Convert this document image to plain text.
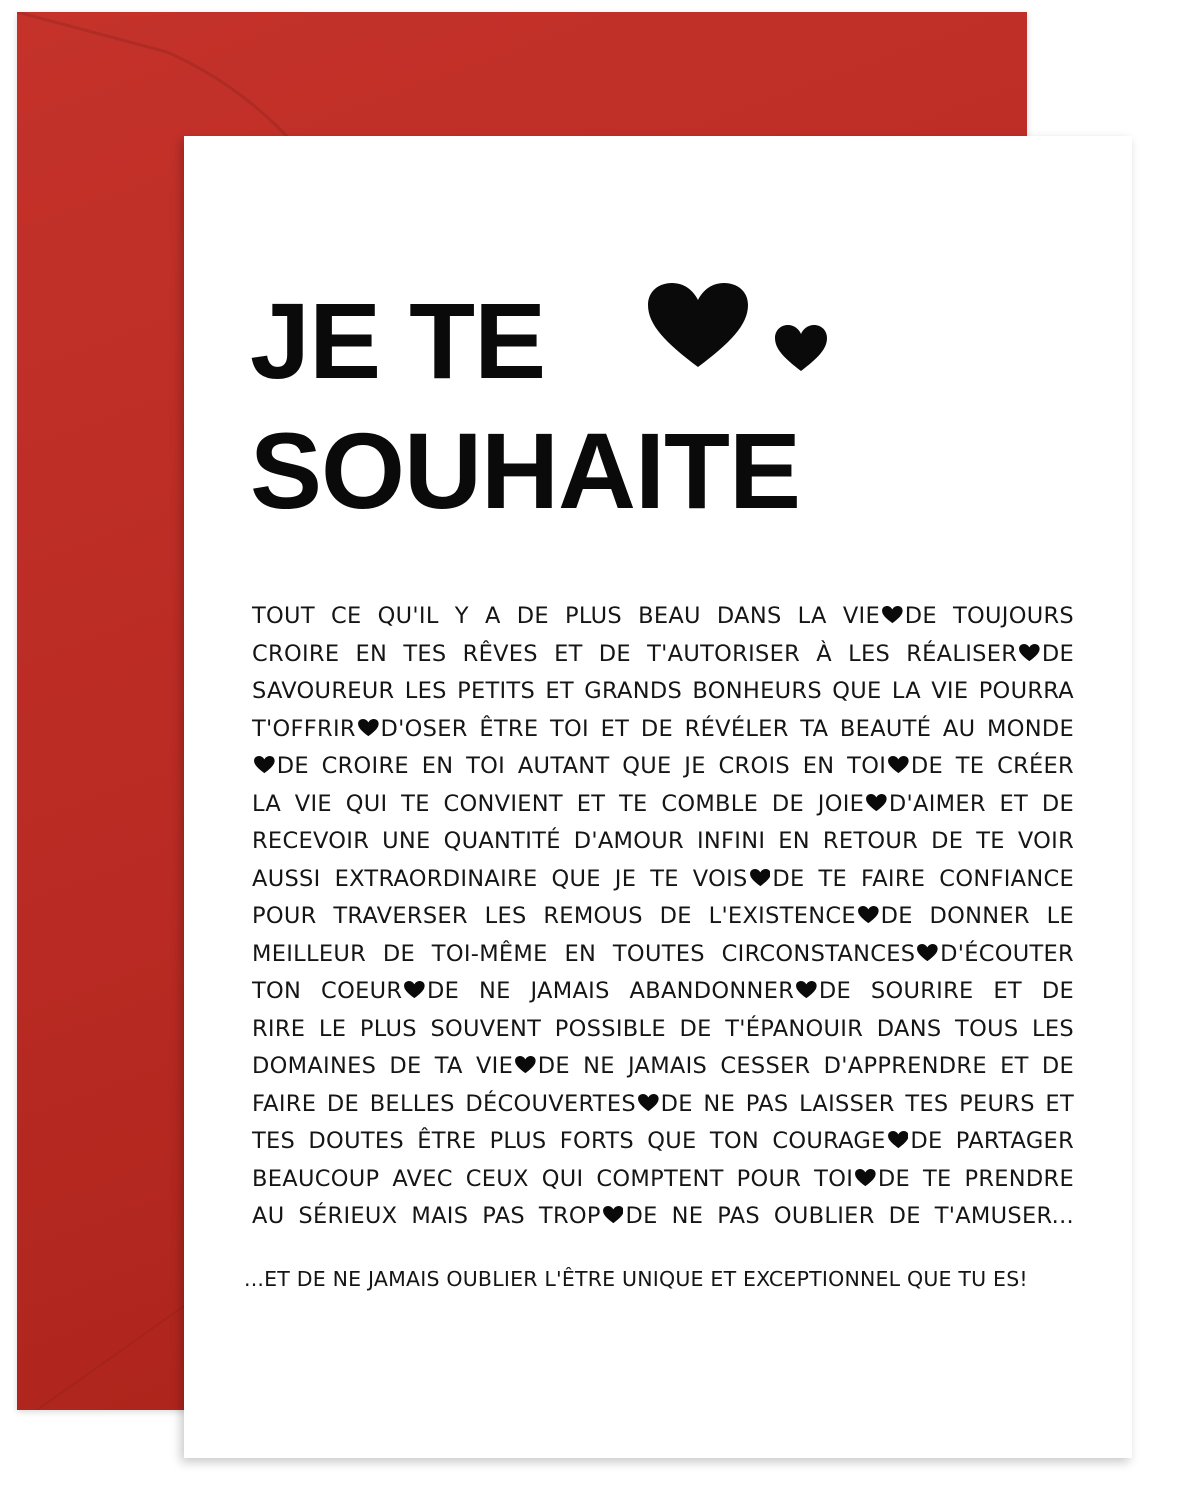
JE TE
SOUHAITE
TOUT CE QU'IL Y A DE PLUS BEAU DANS LA VIE DE TOUJOURS
CROIRE EN TES RÊVES ET DE T'AUTORISER À LES RÉALISER DE
SAVOUREUR LES PETITS ET GRANDS BONHEURS QUE LA VIE POURRA
T'OFFRIR D'OSER ÊTRE TOI ET DE RÉVÉLER TA BEAUTÉ AU MONDE
DE CROIRE EN TOI AUTANT QUE JE CROIS EN TOI DE TE CRÉER
LA VIE QUI TE CONVIENT ET TE COMBLE DE JOIE D'AIMER ET DE
RECEVOIR UNE QUANTITÉ D'AMOUR INFINI EN RETOUR DE TE VOIR
AUSSI EXTRAORDINAIRE QUE JE TE VOIS DE TE FAIRE CONFIANCE
POUR TRAVERSER LES REMOUS DE L'EXISTENCE DE DONNER LE
MEILLEUR DE TOI-MÊME EN TOUTES CIRCONSTANCES D'ÉCOUTER
TON COEUR DE NE JAMAIS ABANDONNER DE SOURIRE ET DE
RIRE LE PLUS SOUVENT POSSIBLE DE T'ÉPANOUIR DANS TOUS LES
DOMAINES DE TA VIE DE NE JAMAIS CESSER D'APPRENDRE ET DE
FAIRE DE BELLES DÉCOUVERTES DE NE PAS LAISSER TES PEURS ET
TES DOUTES ÊTRE PLUS FORTS QUE TON COURAGE DE PARTAGER
BEAUCOUP AVEC CEUX QUI COMPTENT POUR TOI DE TE PRENDRE
AU SÉRIEUX MAIS PAS TROP DE NE PAS OUBLIER DE T'AMUSER...
...ET DE NE JAMAIS OUBLIER L'ÊTRE UNIQUE ET EXCEPTIONNEL QUE TU ES!
